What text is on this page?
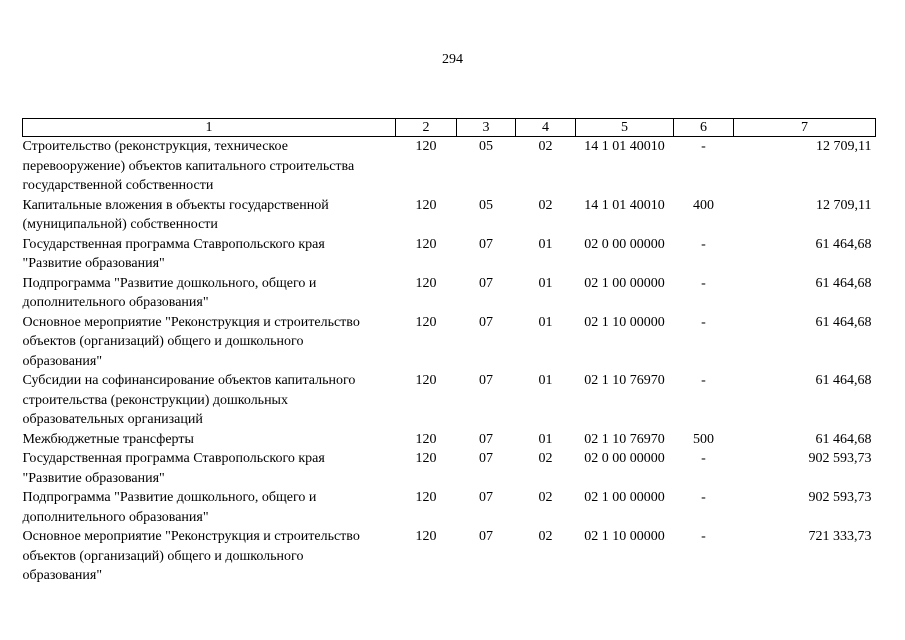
294
1	2	3	4	5	6	7
Строительство (реконструкция, техническое перевооружение) объектов капитального строительства государственной собственности	120	05	02	14 1 01 40010	-	12 709,11
Капитальные вложения в объекты государственной (муниципальной) собственности	120	05	02	14 1 01 40010	400	12 709,11
Государственная программа Ставропольского края "Развитие образования"	120	07	01	02 0 00 00000	-	61 464,68
Подпрограмма "Развитие дошкольного, общего и дополнительного образования"	120	07	01	02 1 00 00000	-	61 464,68
Основное мероприятие "Реконструкция и строительство объектов (организаций) общего и дошкольного образования"	120	07	01	02 1 10 00000	-	61 464,68
Субсидии на софинансирование объектов капитального строительства (реконструкции) дошкольных образовательных организаций	120	07	01	02 1 10 76970	-	61 464,68
Межбюджетные трансферты	120	07	01	02 1 10 76970	500	61 464,68
Государственная программа Ставропольского края "Развитие образования"	120	07	02	02 0 00 00000	-	902 593,73
Подпрограмма "Развитие дошкольного, общего и дополнительного образования"	120	07	02	02 1 00 00000	-	902 593,73
Основное мероприятие "Реконструкция и строительство объектов (организаций) общего и дошкольного образования"	120	07	02	02 1 10 00000	-	721 333,73
